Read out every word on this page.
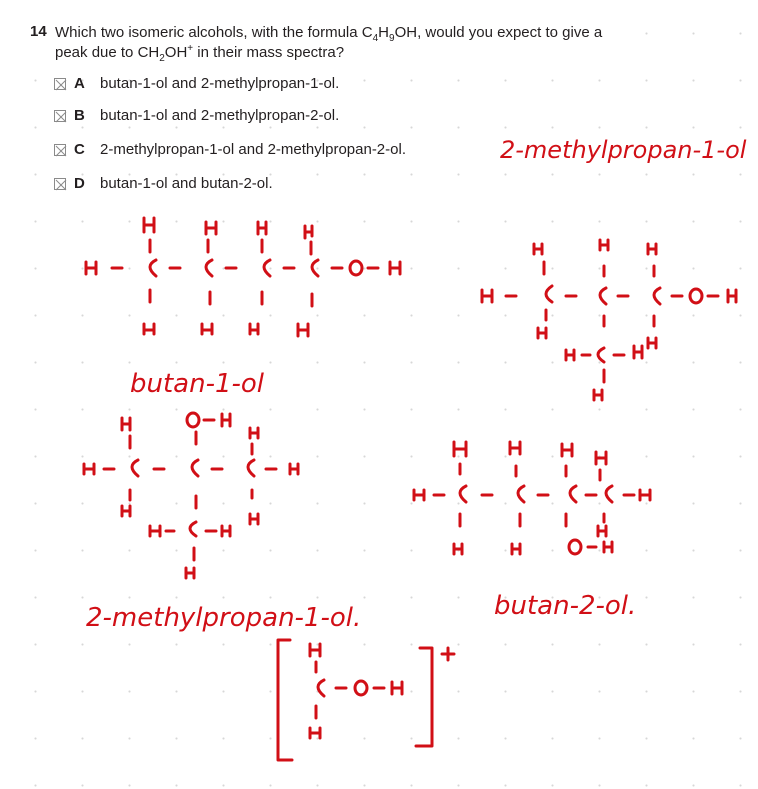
14 Which two isomeric alcohols, with the formula $C_4H_9OH$, would you expect to give a
peak due to $CH_2OH^+$ in their mass spectra?
A butan-1-ol and 2-methylpropan-1-ol.
B butan-1-ol and 2-methylpropan-2-ol.
C 2-methylpropan-1-ol and 2-methylpropan-2-ol.
D butan-1-ol and butan-2-ol.
2-methylpropan-1-ol
butan-1-ol
2-methylpropan-1-ol.	butan-2-ol.
+
